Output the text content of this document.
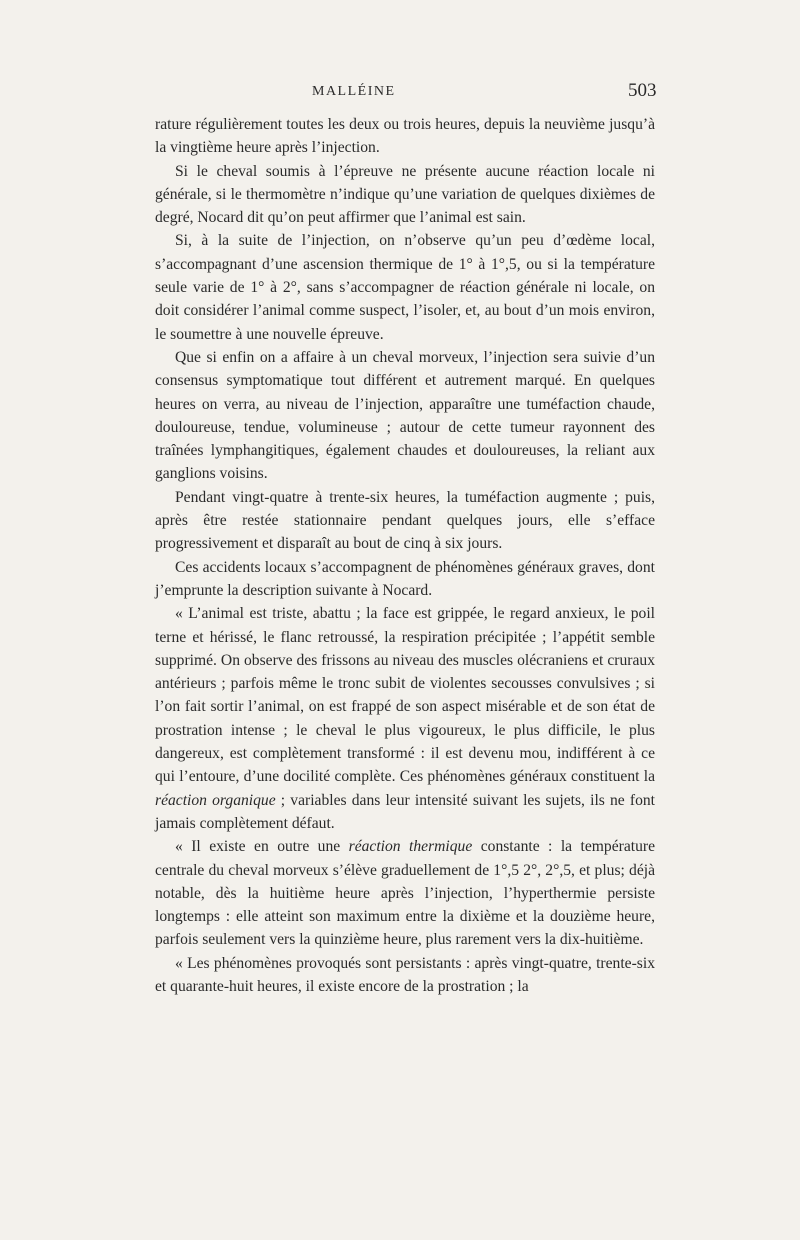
MALLÉINE	503

rature régulièrement toutes les deux ou trois heures, depuis la neuvième jusqu’à la vingtième heure après l’injection.

Si le cheval soumis à l’épreuve ne présente aucune réaction locale ni générale, si le thermomètre n’indique qu’une variation de quelques dixièmes de degré, Nocard dit qu’on peut affirmer que l’animal est sain.

Si, à la suite de l’injection, on n’observe qu’un peu d’œdème local, s’accompagnant d’une ascension thermique de 1° à 1°,5, ou si la température seule varie de 1° à 2°, sans s’accompagner de réaction générale ni locale, on doit considérer l’animal comme suspect, l’isoler, et, au bout d’un mois environ, le soumettre à une nouvelle épreuve.

Que si enfin on a affaire à un cheval morveux, l’injection sera suivie d’un consensus symptomatique tout différent et autrement marqué. En quelques heures on verra, au niveau de l’injection, apparaître une tuméfaction chaude, douloureuse, tendue, volumineuse ; autour de cette tumeur rayonnent des traînées lymphangitiques, également chaudes et douloureuses, la reliant aux ganglions voisins.

Pendant vingt-quatre à trente-six heures, la tuméfaction augmente ; puis, après être restée stationnaire pendant quelques jours, elle s’efface progressivement et disparaît au bout de cinq à six jours.

Ces accidents locaux s’accompagnent de phénomènes généraux graves, dont j’emprunte la description suivante à Nocard.

« L’animal est triste, abattu ; la face est grippée, le regard anxieux, le poil terne et hérissé, le flanc retroussé, la respiration précipitée ; l’appétit semble supprimé. On observe des frissons au niveau des muscles olécraniens et cruraux antérieurs ; parfois même le tronc subit de violentes secousses convulsives ; si l’on fait sortir l’animal, on est frappé de son aspect misérable et de son état de prostration intense ; le cheval le plus vigoureux, le plus difficile, le plus dangereux, est complètement transformé : il est devenu mou, indifférent à ce qui l’entoure, d’une docilité complète. Ces phénomènes généraux constituent la réaction organique ; variables dans leur intensité suivant les sujets, ils ne font jamais complètement défaut.

« Il existe en outre une réaction thermique constante : la température centrale du cheval morveux s’élève graduellement de 1°,5 2°, 2°,5, et plus; déjà notable, dès la huitième heure après l’injection, l’hyperthermie persiste longtemps : elle atteint son maximum entre la dixième et la douzième heure, parfois seulement vers la quinzième heure, plus rarement vers la dix-huitième.

« Les phénomènes provoqués sont persistants : après vingt-quatre, trente-six et quarante-huit heures, il existe encore de la prostration ; la
